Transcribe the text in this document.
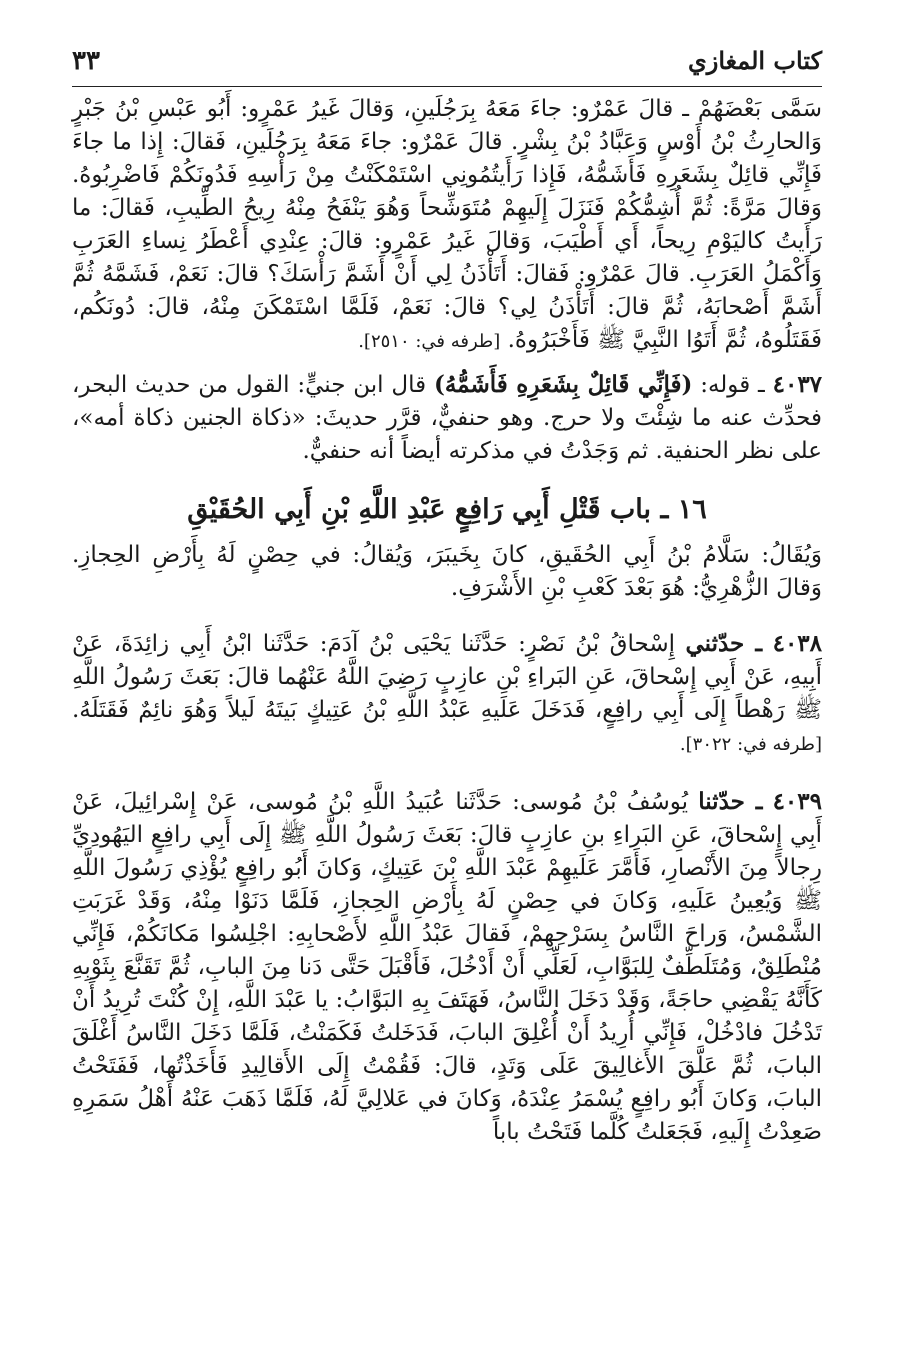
كتاب المغازي
٣٣

سَمَّى بَعْضَهُمْ ـ قالَ عَمْرٌو: جاءَ مَعَهُ بِرَجُلَينِ، وَقالَ غَيرُ عَمْرٍو: أَبُو عَبْسِ بْنُ جَبْرٍ وَالحارِثُ بْنُ أَوْسٍ وَعَبَّادُ بْنُ بِشْرٍ. قالَ عَمْرٌو: جاءَ مَعَهُ بِرَجُلَينِ، فَقالَ: إِذا ما جاءَ فَإِنِّي قائِلٌ بِشَعَرِهِ فَأَشَمُّهُ، فَإِذا رَأَيتُمُونِي اسْتَمْكَنْتُ مِنْ رَأْسِهِ فَدُونَكُمْ فَاضْرِبُوهُ. وَقالَ مَرَّةً: ثُمَّ أُشِمُّكُمْ فَنَزَلَ إِلَيهِمْ مُتَوَشِّحاً وَهُوَ يَنْفَحُ مِنْهُ رِيحُ الطِّيبِ، فَقالَ: ما رَأَيتُ كاليَوْمِ رِيحاً، أَي أَطْيَبَ، وَقالَ غَيرُ عَمْرٍو: قالَ: عِنْدِي أَعْطَرُ نِساءِ العَرَبِ وَأَكْمَلُ العَرَبِ. قالَ عَمْرٌو: فَقالَ: أَتَأْذَنُ لِي أَنْ أَشَمَّ رَأْسَكَ؟ قالَ: نَعَمْ، فَشَمَّهُ ثُمَّ أَشَمَّ أَصْحابَهُ، ثُمَّ قالَ: أَتَأْذَنُ لِي؟ قالَ: نَعَمْ، فَلَمَّا اسْتَمْكَنَ مِنْهُ، قالَ: دُونَكُم، فَقَتَلُوهُ، ثُمَّ أَتَوُا النَّبِيَّ ﷺ فَأَخْبَرُوهُ. [طرفه في: ٢٥١٠].

٤٠٣٧ ـ قوله: (فَإِنِّي قَائِلٌ بِشَعَرِهِ فَأَشَمُّهُ) قال ابن جنيٍّ: القول من حديث البحر، فحدِّث عنه ما شِئْتَ ولا حرج. وهو حنفيٌّ، قرَّر حديثَ: «ذكاة الجنين ذكاة أمه»، على نظر الحنفية. ثم وَجَدْتُ في مذكرته أيضاً أنه حنفيٌّ.

١٦ ـ باب قَتْلِ أَبِي رَافِعٍ عَبْدِ اللَّهِ بْنِ أَبِي الحُقَيْقِ

وَيُقَالُ: سَلَّامُ بْنُ أَبِي الحُقَيقِ، كانَ بِخَيبَرَ، وَيُقالُ: في حِصْنٍ لَهُ بِأَرْضِ الحِجازِ. وَقالَ الزُّهْرِيُّ: هُوَ بَعْدَ كَعْبِ بْنِ الأَشْرَفِ.

٤٠٣٨ ـ حدّثني إِسْحاقُ بْنُ نَصْرٍ: حَدَّثَنا يَحْيَى بْنُ آدَمَ: حَدَّثَنا ابْنُ أَبِي زائِدَةَ، عَنْ أَبِيهِ، عَنْ أَبِي إِسْحاقَ، عَنِ البَراءِ بْنِ عازِبٍ رَضِيَ اللَّهُ عَنْهُما قالَ: بَعَثَ رَسُولُ اللَّهِ ﷺ رَهْطاً إِلَى أَبِي رافِعٍ، فَدَخَلَ عَلَيهِ عَبْدُ اللَّهِ بْنُ عَتِيكٍ بَيتَهُ لَيلاً وَهُوَ نائِمٌ فَقَتَلَهُ. [طرفه في: ٣٠٢٢].

٤٠٣٩ ـ حدّثنا يُوسُفُ بْنُ مُوسى: حَدَّثَنا عُبَيدُ اللَّهِ بْنُ مُوسى، عَنْ إِسْرائِيلَ، عَنْ أَبِي إِسْحاقَ، عَنِ البَراءِ بنِ عازِبٍ قالَ: بَعَثَ رَسُولُ اللَّهِ ﷺ إِلَى أَبِي رافِعٍ اليَهُودِيِّ رِجالاً مِنَ الأَنْصارِ، فَأَمَّرَ عَلَيهِمْ عَبْدَ اللَّهِ بْنَ عَتِيكٍ، وَكانَ أَبُو رافِعٍ يُؤْذِي رَسُولَ اللَّهِ ﷺ وَيُعِينُ عَلَيهِ، وَكانَ في حِصْنٍ لَهُ بِأَرْضِ الحِجازِ، فَلَمَّا دَنَوْا مِنْهُ، وَقَدْ غَرَبَتِ الشَّمْسُ، وَراحَ النَّاسُ بِسَرْحِهِمْ، فَقالَ عَبْدُ اللَّهِ لأَصْحابِهِ: اجْلِسُوا مَكانَكُمْ، فَإِنِّي مُنْطَلِقٌ، وَمُتَلَطِّفٌ لِلبَوَّابِ، لَعَلِّي أَنْ أَدْخُلَ، فَأَقْبَلَ حَتَّى دَنا مِنَ البابِ، ثُمَّ تَقَنَّعَ بِثَوْبِهِ كَأَنَّهُ يَقْضِي حاجَةً، وَقَدْ دَخَلَ النَّاسُ، فَهَتَفَ بِهِ البَوَّابُ: يا عَبْدَ اللَّهِ، إِنْ كُنْتَ تُرِيدُ أَنْ تَدْخُلَ فادْخُلْ، فَإِنِّي أُرِيدُ أَنْ أُغْلِقَ البابَ، فَدَخَلتُ فَكَمَنْتُ، فَلَمَّا دَخَلَ النَّاسُ أَغْلَقَ البابَ، ثُمَّ عَلَّقَ الأَغالِيقَ عَلَى وَتَدٍ، قالَ: فَقُمْتُ إِلَى الأَقالِيدِ فَأَخَذْتُها، فَفَتَحْتُ البابَ، وَكانَ أَبُو رافِعٍ يُسْمَرُ عِنْدَهُ، وَكانَ في عَلالِيَّ لَهُ، فَلَمَّا ذَهَبَ عَنْهُ أَهْلُ سَمَرِهِ صَعِدْتُ إِلَيهِ، فَجَعَلتُ كُلَّما فَتَحْتُ باباً
